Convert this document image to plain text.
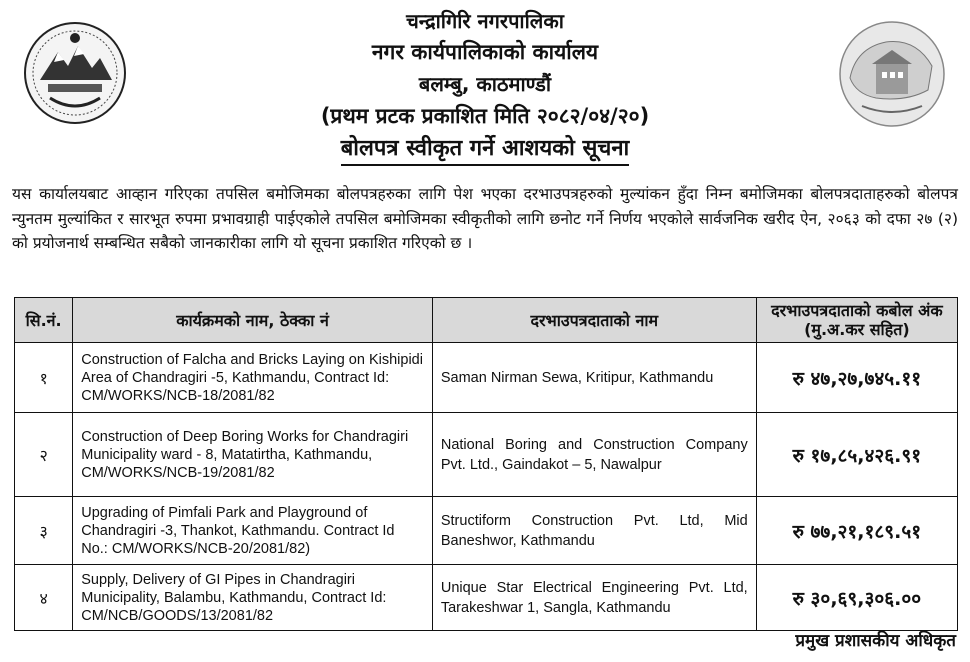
चन्द्रागिरि नगरपालिका
नगर कार्यपालिकाको कार्यालय
बलम्बु, काठमाण्डौं
(प्रथम प्रटक प्रकाशित मिति २०८२/०४/२०)
बोलपत्र स्वीकृत गर्ने आशयको सूचना
यस कार्यालयबाट आव्हान गरिएका तपसिल बमोजिमका बोलपत्रहरुका लागि पेश भएका दरभाउपत्रहरुको मुल्यांकन हुँदा निम्न बमोजिमका बोलपत्रदाताहरुको बोलपत्र न्युनतम मुल्यांकित र सारभूत रुपमा प्रभावग्राही पाईएकोले तपसिल बमोजिमका स्वीकृतीको लागि छनोट गर्ने निर्णय भएकोले सार्वजनिक खरीद ऐन, २०६३ को दफा २७ (२) को प्रयोजनार्थ सम्बन्धित सबैको जानकारीका लागि यो सूचना प्रकाशित गरिएको छ ।
सि.नं.	कार्यक्रमको नाम, ठेक्का नं	दरभाउपत्रदाताको नाम	दरभाउपत्रदाताको कबोल अंक (मु.अ.कर सहित)
१	Construction of Falcha and Bricks Laying on Kishipidi Area of Chandragiri -5, Kathmandu, Contract Id: CM/WORKS/NCB-18/2081/82	Saman Nirman Sewa, Kritipur, Kathmandu	रु ४७,२७,७४५.११
२	Construction of Deep Boring Works for Chandragiri Municipality ward - 8, Matatirtha, Kathmandu, CM/WORKS/NCB-19/2081/82	National Boring and Construction Company Pvt. Ltd., Gaindakot – 5, Nawalpur	रु १७,८५,४२६.९१
३	Upgrading of Pimfali Park and Playground of Chandragiri -3, Thankot, Kathmandu. Contract Id No.: CM/WORKS/NCB-20/2081/82)	Structiform Construction Pvt. Ltd, Mid Baneshwor, Kathmandu	रु ७७,२१,१८९.५१
४	Supply, Delivery of GI Pipes in Chandragiri Municipality, Balambu, Kathmandu, Contract Id: CM/NCB/GOODS/13/2081/82	Unique Star Electrical Engineering Pvt. Ltd, Tarakeshwar 1, Sangla, Kathmandu	रु ३०,६९,३०६.००
प्रमुख प्रशासकीय अधिकृत
